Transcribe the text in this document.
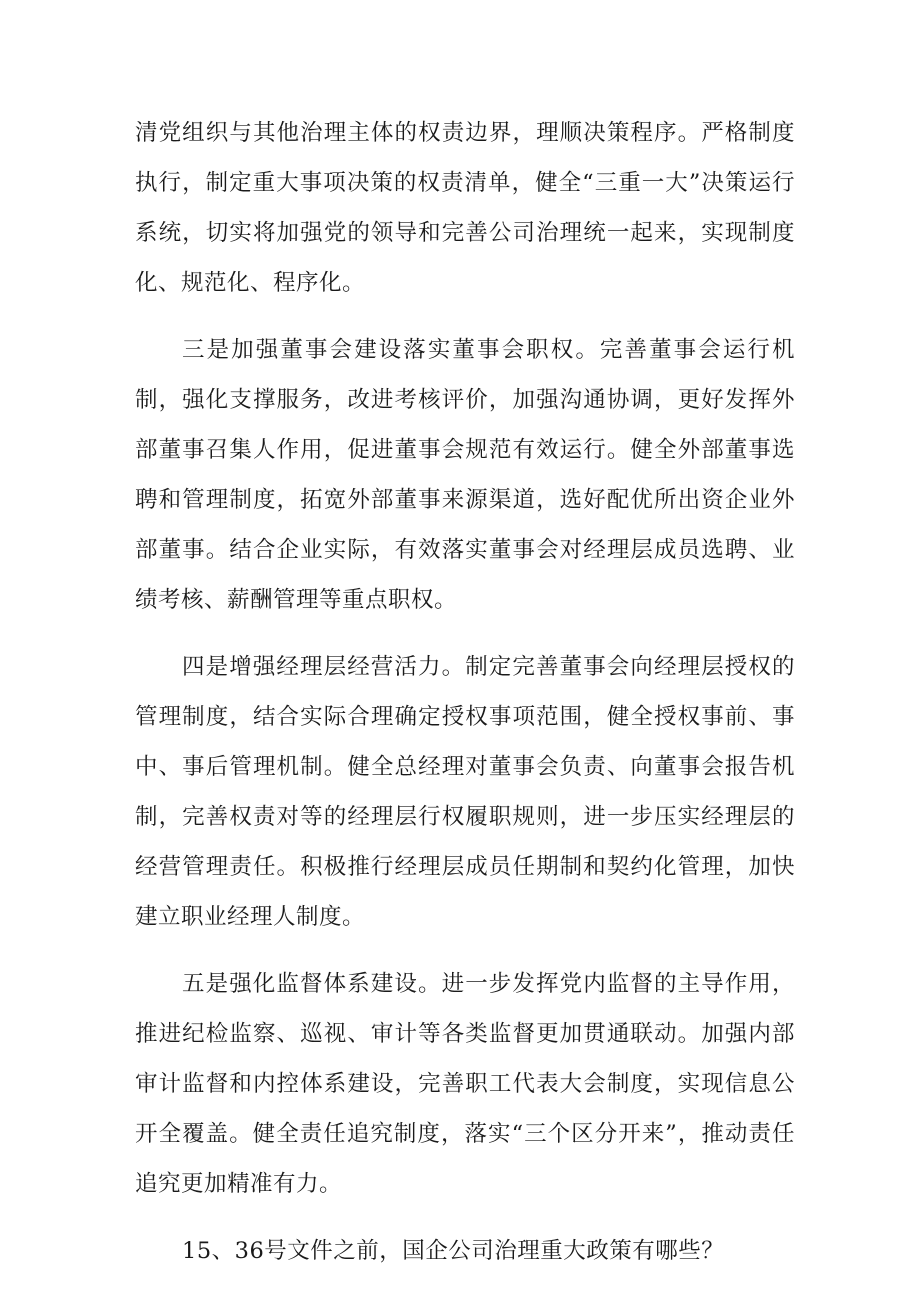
清党组织与其他治理主体的权责边界，理顺决策程序。严格制度执行，制定重大事项决策的权责清单，健全“三重一大”决策运行系统，切实将加强党的领导和完善公司治理统一起来，实现制度化、规范化、程序化。

三是加强董事会建设落实董事会职权。完善董事会运行机制，强化支撑服务，改进考核评价，加强沟通协调，更好发挥外部董事召集人作用，促进董事会规范有效运行。健全外部董事选聘和管理制度，拓宽外部董事来源渠道，选好配优所出资企业外部董事。结合企业实际，有效落实董事会对经理层成员选聘、业绩考核、薪酬管理等重点职权。

四是增强经理层经营活力。制定完善董事会向经理层授权的管理制度，结合实际合理确定授权事项范围，健全授权事前、事中、事后管理机制。健全总经理对董事会负责、向董事会报告机制，完善权责对等的经理层行权履职规则，进一步压实经理层的经营管理责任。积极推行经理层成员任期制和契约化管理，加快建立职业经理人制度。

五是强化监督体系建设。进一步发挥党内监督的主导作用，推进纪检监察、巡视、审计等各类监督更加贯通联动。加强内部审计监督和内控体系建设，完善职工代表大会制度，实现信息公开全覆盖。健全责任追究制度，落实“三个区分开来”，推动责任追究更加精准有力。

15、36号文件之前，国企公司治理重大政策有哪些？
